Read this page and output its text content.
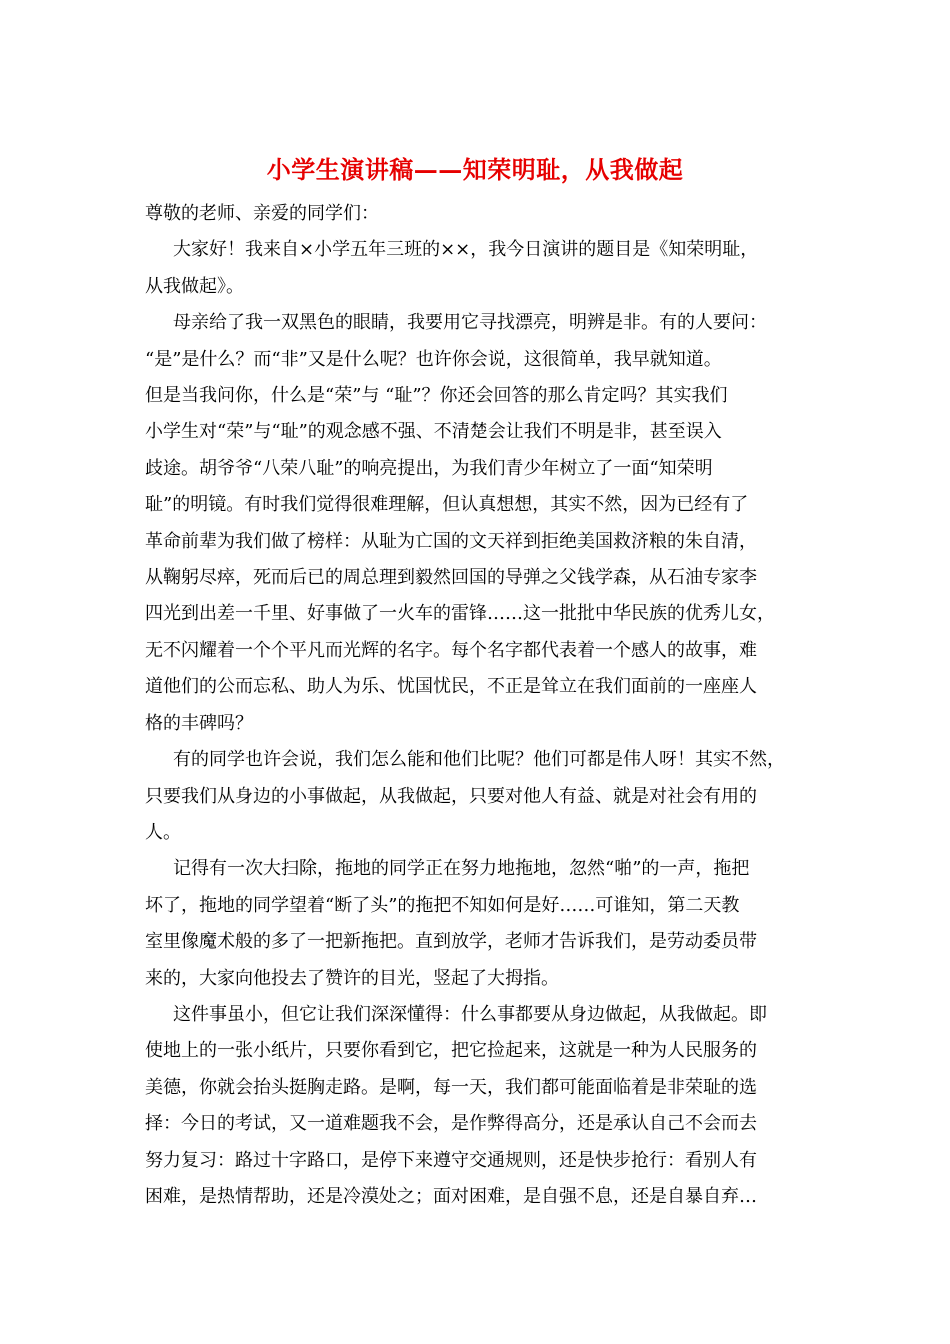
小学生演讲稿——知荣明耻，从我做起

尊敬的老师、亲爱的同学们：

大家好！我来自×小学五年三班的××，我今日演讲的题目是《知荣明耻，
从我做起》。

母亲给了我一双黑色的眼睛，我要用它寻找漂亮，明辨是非。有的人要问：
“是”是什么？而“非”又是什么呢？也许你会说，这很简单，我早就知道。
但是当我问你，什么是“荣”与 “耻”？你还会回答的那么肯定吗？其实我们
小学生对“荣”与“耻”的观念感不强、不清楚会让我们不明是非，甚至误入
歧途。胡爷爷“八荣八耻”的响亮提出，为我们青少年树立了一面“知荣明
耻”的明镜。有时我们觉得很难理解，但认真想想，其实不然，因为已经有了
革命前辈为我们做了榜样：从耻为亡国的文天祥到拒绝美国救济粮的朱自清，
从鞠躬尽瘁，死而后已的周总理到毅然回国的导弹之父钱学森，从石油专家李
四光到出差一千里、好事做了一火车的雷锋……这一批批中华民族的优秀儿女，
无不闪耀着一个个平凡而光辉的名字。每个名字都代表着一个感人的故事，难
道他们的公而忘私、助人为乐、忧国忧民，不正是耸立在我们面前的一座座人
格的丰碑吗？

有的同学也许会说，我们怎么能和他们比呢？他们可都是伟人呀！其实不然，
只要我们从身边的小事做起，从我做起，只要对他人有益、就是对社会有用的
人。

记得有一次大扫除，拖地的同学正在努力地拖地，忽然“啪”的一声，拖把
坏了，拖地的同学望着“断了头”的拖把不知如何是好……可谁知，第二天教
室里像魔术般的多了一把新拖把。直到放学，老师才告诉我们，是劳动委员带
来的，大家向他投去了赞许的目光，竖起了大拇指。

这件事虽小，但它让我们深深懂得：什么事都要从身边做起，从我做起。即
使地上的一张小纸片，只要你看到它，把它捡起来，这就是一种为人民服务的
美德，你就会抬头挺胸走路。是啊，每一天，我们都可能面临着是非荣耻的选
择：今日的考试，又一道难题我不会，是作弊得高分，还是承认自己不会而去
努力复习：路过十字路口，是停下来遵守交通规则，还是快步抢行：看别人有
困难，是热情帮助，还是冷漠处之；面对困难，是自强不息，还是自暴自弃…
